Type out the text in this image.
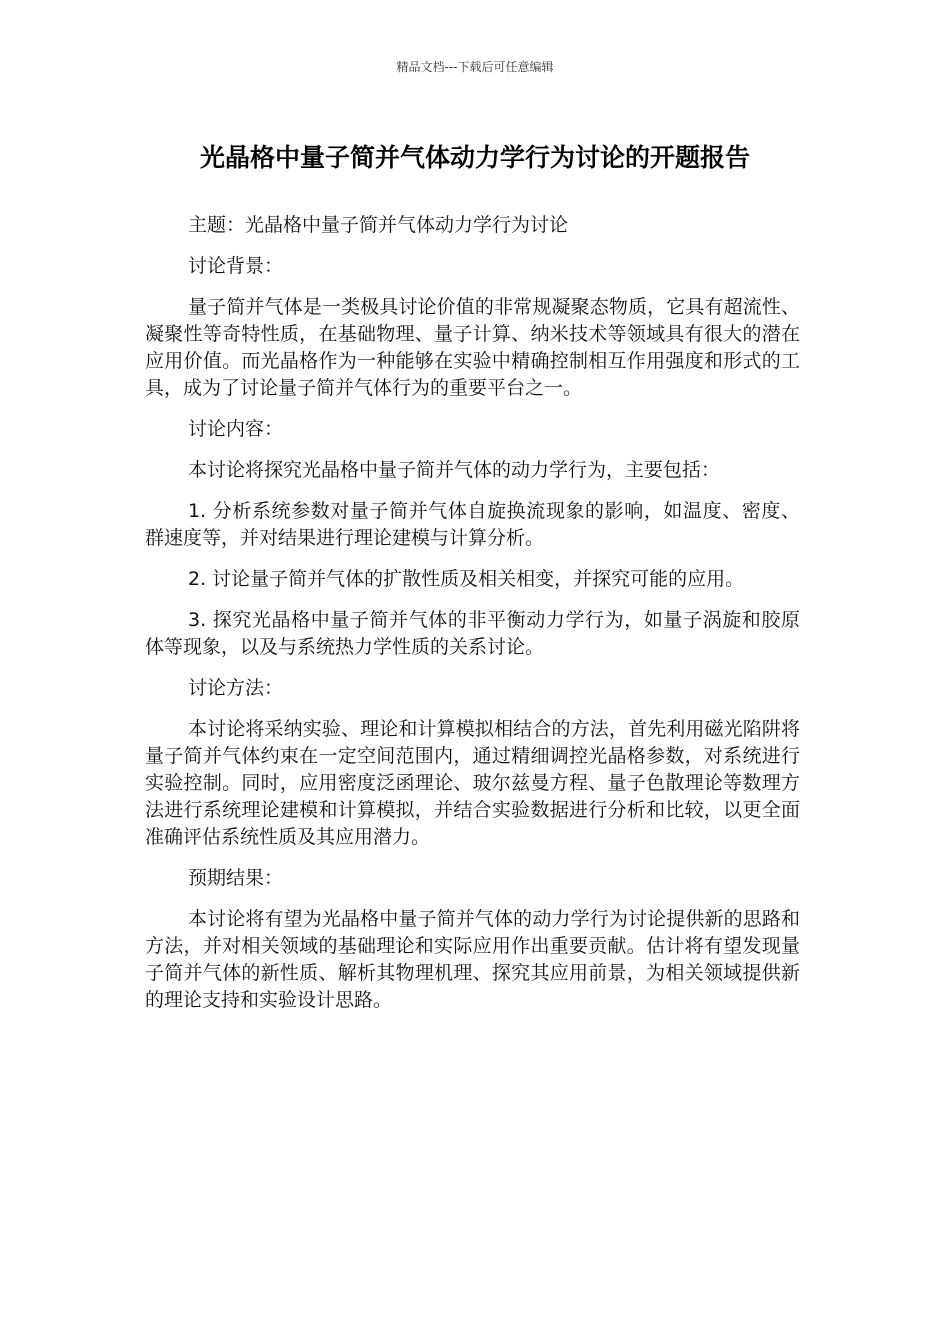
精品文档---下载后可任意编辑
光晶格中量子简并气体动力学行为讨论的开题报告

主题：光晶格中量子简并气体动力学行为讨论

讨论背景：

量子简并气体是一类极具讨论价值的非常规凝聚态物质，它具有超流性、凝聚性等奇特性质，在基础物理、量子计算、纳米技术等领域具有很大的潜在应用价值。而光晶格作为一种能够在实验中精确控制相互作用强度和形式的工具，成为了讨论量子简并气体行为的重要平台之一。

讨论内容：

本讨论将探究光晶格中量子简并气体的动力学行为，主要包括：

1. 分析系统参数对量子简并气体自旋换流现象的影响，如温度、密度、群速度等，并对结果进行理论建模与计算分析。

2. 讨论量子简并气体的扩散性质及相关相变，并探究可能的应用。

3. 探究光晶格中量子简并气体的非平衡动力学行为，如量子涡旋和胶原体等现象，以及与系统热力学性质的关系讨论。

讨论方法：

本讨论将采纳实验、理论和计算模拟相结合的方法，首先利用磁光陷阱将量子简并气体约束在一定空间范围内，通过精细调控光晶格参数，对系统进行实验控制。同时，应用密度泛函理论、玻尔兹曼方程、量子色散理论等数理方法进行系统理论建模和计算模拟，并结合实验数据进行分析和比较，以更全面准确评估系统性质及其应用潜力。

预期结果：

本讨论将有望为光晶格中量子简并气体的动力学行为讨论提供新的思路和方法，并对相关领域的基础理论和实际应用作出重要贡献。估计将有望发现量子简并气体的新性质、解析其物理机理、探究其应用前景，为相关领域提供新的理论支持和实验设计思路。
